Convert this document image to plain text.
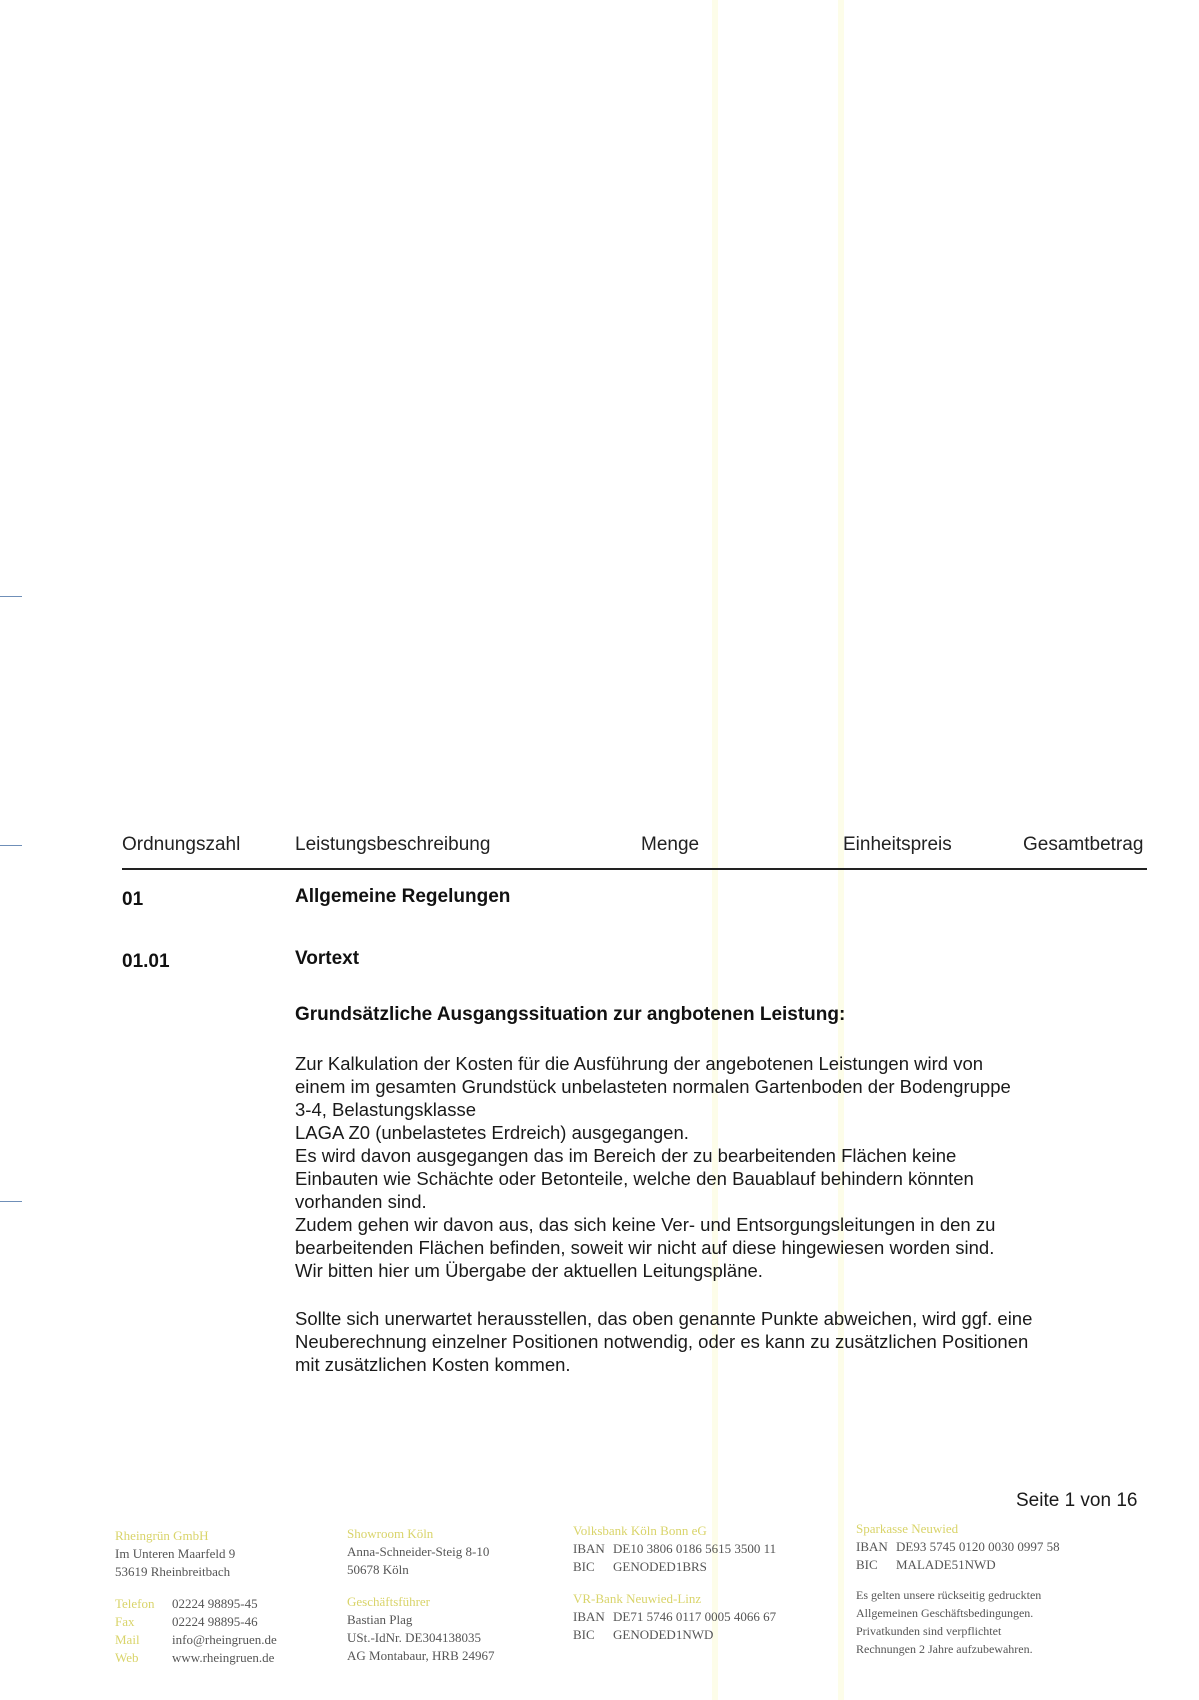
Ordnungszahl	Leistungsbeschreibung	Menge	Einheitspreis	Gesamtbetrag
01	Allgemeine Regelungen
01.01	Vortext
Grundsätzliche Ausgangssituation zur angbotenen Leistung:

Zur Kalkulation der Kosten für die Ausführung der angebotenen Leistungen wird von

einem im gesamten Grundstück unbelasteten normalen Gartenboden der Bodengruppe

3-4, Belastungsklasse

LAGA Z0 (unbelastetes Erdreich) ausgegangen.

Es wird davon ausgegangen das im Bereich der zu bearbeitenden Flächen keine

Einbauten wie Schächte oder Betonteile, welche den Bauablauf behindern könnten

vorhanden sind.

Zudem gehen wir davon aus, das sich keine Ver- und Entsorgungsleitungen in den zu

bearbeitenden Flächen befinden, soweit wir nicht auf diese hingewiesen worden sind.

Wir bitten hier um Übergabe der aktuellen Leitungspläne.

Sollte sich unerwartet herausstellen, das oben genannte Punkte abweichen, wird ggf. eine

Neuberechnung einzelner Positionen notwendig, oder es kann zu zusätzlichen Positionen

mit zusätzlichen Kosten kommen.

Seite 1 von 16
Rheingrün GmbH
Im Unteren Maarfeld 9
53619 Rheinbreitbach
Telefon 02224 98895-45
Fax	02224 98895-46
Mail info@rheingruen.de
Web	www.rheingruen.de
Showroom Köln
Anna-Schneider-Steig 8-10
50678 Köln
Geschäftsführer
Bastian Plag
USt.-IdNr. DE304138035
AG Montabaur, HRB 24967
Volksbank Köln Bonn eG
IBAN DE10 3806 0186 5615 3500 11
BIC GENODED1BRS
VR-Bank Neuwied-Linz
IBAN DE71 5746 0117 0005 4066 67
BIC GENODED1NWD
Sparkasse Neuwied
IBAN DE93 5745 0120 0030 0997 58
BIC MALADE51NWD
Es gelten unsere rückseitig gedruckten
Allgemeinen Geschäftsbedingungen.
Privatkunden sind verpflichtet
Rechnungen 2 Jahre aufzubewahren.
